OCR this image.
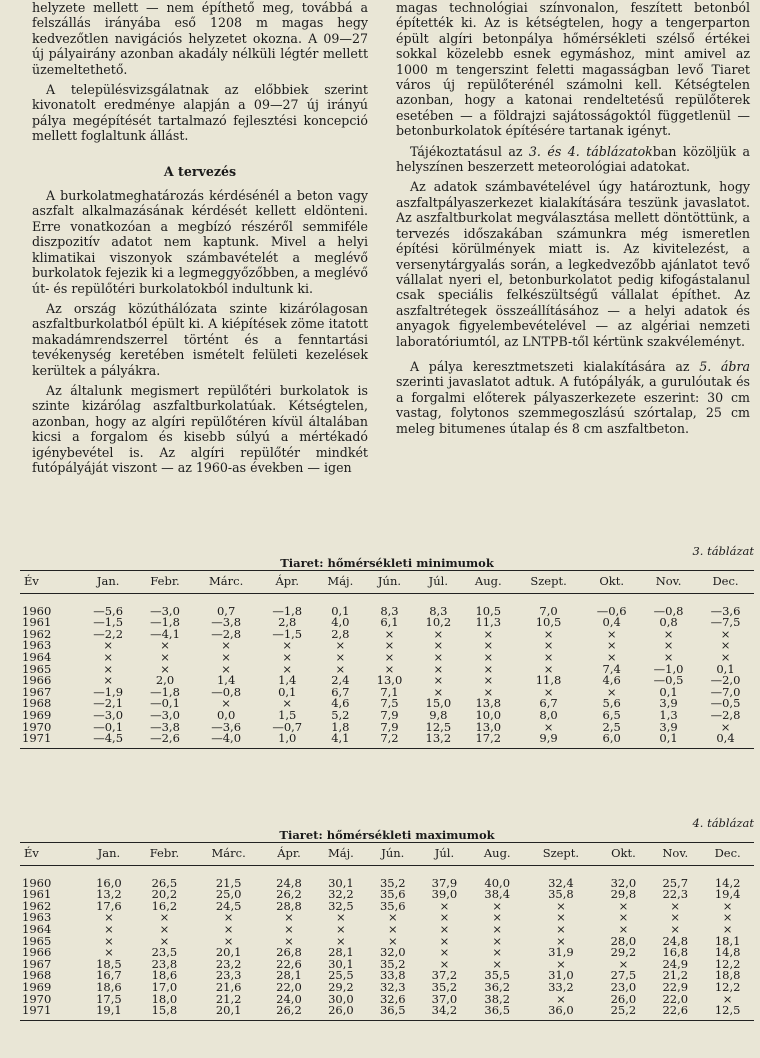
helyzete mellett — nem építhető meg, továbbá a felszállás irányába eső 1208 m magas hegy kedvezőtlen navigációs helyzetet okozna. A 09—27 új pályairány azonban akadály nélküli légtér mellett üzemeltethető.

A településvizsgálatnak az előbbiek szerint kivonatolt eredménye alapján a 09—27 új irányú pálya megépítését tartalmazó fejlesztési koncepció mellett foglaltunk állást.

A tervezés

A burkolatmeghatározás kérdésénél a beton vagy aszfalt alkalmazásának kérdését kellett eldönteni. Erre vonatkozóan a megbízó részéről semmiféle diszpozitív adatot nem kaptunk. Mivel a helyi klimatikai viszonyok számbavételét a meglévő burkolatok fejezik ki a legmeggyőzőbben, a meglévő út- és repülőtéri burkolatokból indultunk ki.

Az ország közúthálózata szinte kizárólagosan aszfaltburkolatból épült ki. A kiépítések zöme itatott makadámrendszerrel történt és a fenntartási tevékenység keretében ismételt felületi kezelések kerültek a pályákra.

Az általunk megismert repülőtéri burkolatok is szinte kizárólag aszfaltburkolatúak. Kétségtelen, azonban, hogy az algíri repülőtéren kívül általában kicsi a forgalom és kisebb súlyú a mértékadó igénybevétel is. Az algíri repülőtér mindkét futópályáját viszont — az 1960-as években — igen

magas technológiai színvonalon, feszített betonból építették ki. Az is kétségtelen, hogy a tengerparton épült algíri betonpálya hőmérsékleti szélső értékei sokkal közelebb esnek egymáshoz, mint amivel az 1000 m tengerszint feletti magasságban levő Tiaret város új repülőterénél számolni kell. Kétségtelen azonban, hogy a katonai rendeltetésű repülőterek esetében — a földrajzi sajátosságoktól függetlenül — betonburkolatok építésére tartanak igényt.

Tájékoztatásul az 3. és 4. táblázatokban közöljük a helyszínen beszerzett meteorológiai adatokat.

Az adatok számbavételével úgy határoztunk, hogy aszfaltpályaszerkezet kialakítására teszünk javaslatot. Az aszfaltburkolat megválasztása mellett döntöttünk, a tervezés időszakában számunkra még ismeretlen építési körülmények miatt is. Az kivitelezést, a versenytárgyalás során, a legkedvezőbb ajánlatot tevő vállalat nyeri el, betonburkolatot pedig kifogástalanul csak speciális felkészültségű vállalat építhet. Az aszfaltrétegek összeállításához — a helyi adatok és anyagok figyelembevételével — az algériai nemzeti laboratóriumtól, az LNTPB-től kértünk szakvéleményt.

A pálya keresztmetszeti kialakítására az 5. ábra szerinti javaslatot adtuk. A futópályák, a gurulóutak és a forgalmi előterek pályaszerkezete eszerint: 30 cm vastag, folytonos szemmegoszlású szórtalap, 25 cm meleg bitumenes útalap és 8 cm aszfaltbeton.

3. táblázat
Tiaret: hőmérsékleti minimumok
Év	Jan.	Febr.	Márc.	Ápr.	Máj.	Jún.	Júl.	Aug.	Szept.	Okt.	Nov.	Dec.
1960	—5,6	—3,0	0,7	—1,8	0,1	8,3	8,3	10,5	7,0	—0,6	—0,8	—3,6
1961	—1,5	—1,8	—3,8	2,8	4,0	6,1	10,2	11,3	10,5	0,4	0,8	—7,5
1962	—2,2	—4,1	—2,8	—1,5	2,8	×	×	×	×	×	×	×
1963	×	×	×	×	×	×	×	×	×	×	×	×
1964	×	×	×	×	×	×	×	×	×	×	×	×
1965	×	×	×	×	×	×	×	×	×	7,4	—1,0	0,1
1966	×	2,0	1,4	1,4	2,4	13,0	×	×	11,8	4,6	—0,5	—2,0
1967	—1,9	—1,8	—0,8	0,1	6,7	7,1	×	×	×	×	0,1	—7,0
1968	—2,1	—0,1	×	×	4,6	7,5	15,0	13,8	6,7	5,6	3,9	—0,5
1969	—3,0	—3,0	0,0	1,5	5,2	7,9	9,8	10,0	8,0	6,5	1,3	—2,8
1970	—0,1	—3,8	—3,6	—0,7	1,8	7,9	12,5	13,0	×	2,5	3,9	×
1971	—4,5	—2,6	—4,0	1,0	4,1	7,2	13,2	17,2	9,9	6,0	0,1	0,4
4. táblázat
Tiaret: hőmérsékleti maximumok
Év	Jan.	Febr.	Márc.	Ápr.	Máj.	Jún.	Júl.	Aug.	Szept.	Okt.	Nov.	Dec.
1960	16,0	26,5	21,5	24,8	30,1	35,2	37,9	40,0	32,4	32,0	25,7	14,2
1961	13,2	20,2	25,0	26,2	32,2	35,6	39,0	38,4	35,8	29,8	22,3	19,4
1962	17,6	16,2	24,5	28,8	32,5	35,6	×	×	×	×	×	×
1963	×	×	×	×	×	×	×	×	×	×	×	×
1964	×	×	×	×	×	×	×	×	×	×	×	×
1965	×	×	×	×	×	×	×	×	×	28,0	24,8	18,1
1966	×	23,5	20,1	26,8	28,1	32,0	×	×	31,9	29,2	16,8	14,8
1967	18,5	23,8	23,2	22,6	30,1	35,2	×	×	×	×	24,9	12,2
1968	16,7	18,6	23,3	28,1	25,5	33,8	37,2	35,5	31,0	27,5	21,2	18,8
1969	18,6	17,0	21,6	22,0	29,2	32,3	35,2	36,2	33,2	23,0	22,9	12,2
1970	17,5	18,0	21,2	24,0	30,0	32,6	37,0	38,2	×	26,0	22,0	×
1971	19,1	15,8	20,1	26,2	26,0	36,5	34,2	36,5	36,0	25,2	22,6	12,5
